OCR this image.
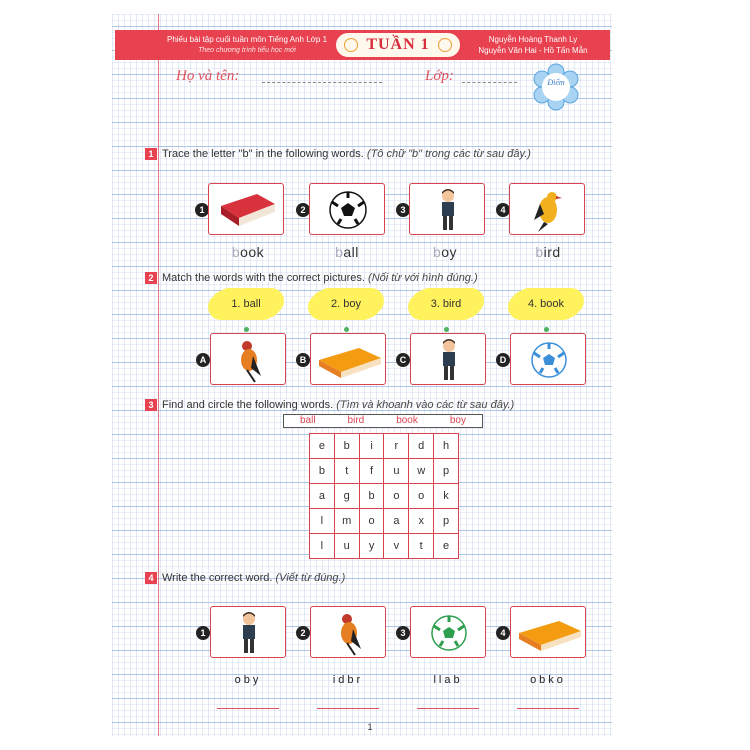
Phiếu bài tập cuối tuần môn Tiếng Anh Lớp 1
Theo chương trình tiểu học mới	TUẦN 1	Nguyễn Hoàng Thanh Ly
Nguyễn Văn Hai - Hồ Tấn Mẫn
Họ và tên:	Lớp:	Điểm
1 Trace the letter "b" in the following words. (Tô chữ "b" trong các từ sau đây.)
1
book
2
ball
3
boy
4
bird
2 Match the words with the correct pictures. (Nối từ với hình đúng.)
1. ball	2. boy	3. bird	4. book
A	B	C	D
3 Find and circle the following words. (Tìm và khoanh vào các từ sau đây.)
ball	bird	book	boy
e	b	i	r	d	h
b	t	f	u	w	p
a	g	b	o	o	k
l	m	o	a	x	p
l	u	y	v	t	e
4 Write the correct word. (Viết từ đúng.)
1
oby
2
idbr
3
llab
4
obko
1
